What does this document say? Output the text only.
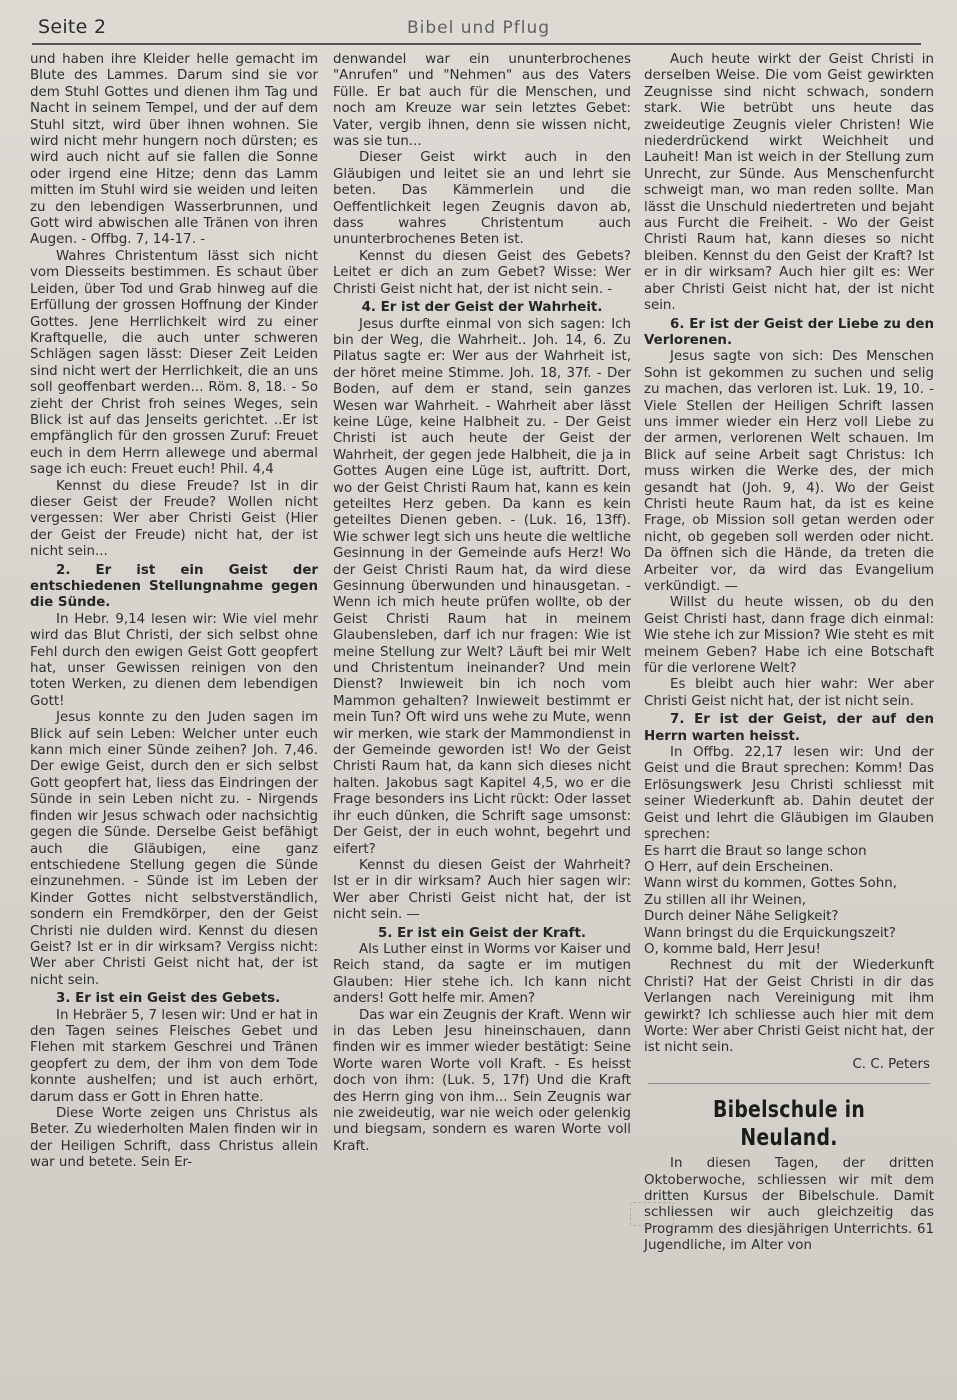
Seite 2	Bibel und Pflug

und haben ihre Kleider helle gemacht im Blute des Lammes. Darum sind sie vor dem Stuhl Gottes und dienen ihm Tag und Nacht in seinem Tempel, und der auf dem Stuhl sitzt, wird über ihnen wohnen. Sie wird nicht mehr hungern noch dürsten; es wird auch nicht auf sie fallen die Sonne oder irgend eine Hitze; denn das Lamm mitten im Stuhl wird sie weiden und leiten zu den lebendigen Wasserbrunnen, und Gott wird abwischen alle Tränen von ihren Augen. - Offbg. 7, 14-17. -

Wahres Christentum lässt sich nicht vom Diesseits bestimmen. Es schaut über Leiden, über Tod und Grab hinweg auf die Erfüllung der grossen Hoffnung der Kinder Gottes. Jene Herrlichkeit wird zu einer Kraftquelle, die auch unter schweren Schlägen sagen lässt: Dieser Zeit Leiden sind nicht wert der Herrlichkeit, die an uns soll geoffenbart werden... Röm. 8, 18. - So zieht der Christ froh seines Weges, sein Blick ist auf das Jenseits gerichtet. ..Er ist empfänglich für den grossen Zuruf: Freuet euch in dem Herrn allewege und abermal sage ich euch: Freuet euch! Phil. 4,4

Kennst du diese Freude? Ist in dir dieser Geist der Freude? Wollen nicht vergessen: Wer aber Christi Geist (Hier der Geist der Freude) nicht hat, der ist nicht sein...

2. Er ist ein Geist der entschiedenen Stellungnahme gegen die Sünde.

In Hebr. 9,14 lesen wir: Wie viel mehr wird das Blut Christi, der sich selbst ohne Fehl durch den ewigen Geist Gott geopfert hat, unser Gewissen reinigen von den toten Werken, zu dienen dem lebendigen Gott!

Jesus konnte zu den Juden sagen im Blick auf sein Leben: Welcher unter euch kann mich einer Sünde zeihen? Joh. 7,46. Der ewige Geist, durch den er sich selbst Gott geopfert hat, liess das Eindringen der Sünde in sein Leben nicht zu. - Nirgends finden wir Jesus schwach oder nachsichtig gegen die Sünde. Derselbe Geist befähigt auch die Gläubigen, eine ganz entschiedene Stellung gegen die Sünde einzunehmen. - Sünde ist im Leben der Kinder Gottes nicht selbstverständlich, sondern ein Fremdkörper, den der Geist Christi nie dulden wird. Kennst du diesen Geist? Ist er in dir wirksam? Vergiss nicht: Wer aber Christi Geist nicht hat, der ist nicht sein.

3. Er ist ein Geist des Gebets.

In Hebräer 5, 7 lesen wir: Und er hat in den Tagen seines Fleisches Gebet und Flehen mit starkem Geschrei und Tränen geopfert zu dem, der ihm von dem Tode konnte aushelfen; und ist auch erhört, darum dass er Gott in Ehren hatte.

Diese Worte zeigen uns Christus als Beter. Zu wiederholten Malen finden wir in der Heiligen Schrift, dass Christus allein war und betete. Sein Er-

denwandel war ein ununterbrochenes "Anrufen" und "Nehmen" aus des Vaters Fülle. Er bat auch für die Menschen, und noch am Kreuze war sein letztes Gebet: Vater, vergib ihnen, denn sie wissen nicht, was sie tun...

Dieser Geist wirkt auch in den Gläubigen und leitet sie an und lehrt sie beten. Das Kämmerlein und die Oeffentlichkeit legen Zeugnis davon ab, dass wahres Christentum auch ununterbrochenes Beten ist.

Kennst du diesen Geist des Gebets? Leitet er dich an zum Gebet? Wisse: Wer Christi Geist nicht hat, der ist nicht sein. -

4. Er ist der Geist der Wahrheit.

Jesus durfte einmal von sich sagen: Ich bin der Weg, die Wahrheit.. Joh. 14, 6. Zu Pilatus sagte er: Wer aus der Wahrheit ist, der höret meine Stimme. Joh. 18, 37f. - Der Boden, auf dem er stand, sein ganzes Wesen war Wahrheit. - Wahrheit aber lässt keine Lüge, keine Halbheit zu. - Der Geist Christi ist auch heute der Geist der Wahrheit, der gegen jede Halbheit, die ja in Gottes Augen eine Lüge ist, auftritt. Dort, wo der Geist Christi Raum hat, kann es kein geteiltes Herz geben. Da kann es kein geteiltes Dienen geben. - (Luk. 16, 13ff). Wie schwer legt sich uns heute die weltliche Gesinnung in der Gemeinde aufs Herz! Wo der Geist Christi Raum hat, da wird diese Gesinnung überwunden und hinausgetan. - Wenn ich mich heute prüfen wollte, ob der Geist Christi Raum hat in meinem Glaubensleben, darf ich nur fragen: Wie ist meine Stellung zur Welt? Läuft bei mir Welt und Christentum ineinander? Und mein Dienst? Inwieweit bin ich noch vom Mammon gehalten? Inwieweit bestimmt er mein Tun? Oft wird uns wehe zu Mute, wenn wir merken, wie stark der Mammondienst in der Gemeinde geworden ist! Wo der Geist Christi Raum hat, da kann sich dieses nicht halten. Jakobus sagt Kapitel 4,5, wo er die Frage besonders ins Licht rückt: Oder lasset ihr euch dünken, die Schrift sage umsonst: Der Geist, der in euch wohnt, begehrt und eifert?

Kennst du diesen Geist der Wahrheit? Ist er in dir wirksam? Auch hier sagen wir: Wer aber Christi Geist nicht hat, der ist nicht sein. —

5. Er ist ein Geist der Kraft.

Als Luther einst in Worms vor Kaiser und Reich stand, da sagte er im mutigen Glauben: Hier stehe ich. Ich kann nicht anders! Gott helfe mir. Amen?

Das war ein Zeugnis der Kraft. Wenn wir in das Leben Jesu hineinschauen, dann finden wir es immer wieder bestätigt: Seine Worte waren Worte voll Kraft. - Es heisst doch von ihm: (Luk. 5, 17f) Und die Kraft des Herrn ging von ihm... Sein Zeugnis war nie zweideutig, war nie weich oder gelenkig und biegsam, sondern es waren Worte voll Kraft.

Auch heute wirkt der Geist Christi in derselben Weise. Die vom Geist gewirkten Zeugnisse sind nicht schwach, sondern stark. Wie betrübt uns heute das zweideutige Zeugnis vieler Christen! Wie niederdrückend wirkt Weichheit und Lauheit! Man ist weich in der Stellung zum Unrecht, zur Sünde. Aus Menschenfurcht schweigt man, wo man reden sollte. Man lässt die Unschuld niedertreten und bejaht aus Furcht die Freiheit. - Wo der Geist Christi Raum hat, kann dieses so nicht bleiben. Kennst du den Geist der Kraft? Ist er in dir wirksam? Auch hier gilt es: Wer aber Christi Geist nicht hat, der ist nicht sein.

6. Er ist der Geist der Liebe zu den Verlorenen.

Jesus sagte von sich: Des Menschen Sohn ist gekommen zu suchen und selig zu machen, das verloren ist. Luk. 19, 10. - Viele Stellen der Heiligen Schrift lassen uns immer wieder ein Herz voll Liebe zu der armen, verlorenen Welt schauen. Im Blick auf seine Arbeit sagt Christus: Ich muss wirken die Werke des, der mich gesandt hat (Joh. 9, 4). Wo der Geist Christi heute Raum hat, da ist es keine Frage, ob Mission soll getan werden oder nicht, ob gegeben soll werden oder nicht. Da öffnen sich die Hände, da treten die Arbeiter vor, da wird das Evangelium verkündigt. —

Willst du heute wissen, ob du den Geist Christi hast, dann frage dich einmal: Wie stehe ich zur Mission? Wie steht es mit meinem Geben? Habe ich eine Botschaft für die verlorene Welt?

Es bleibt auch hier wahr: Wer aber Christi Geist nicht hat, der ist nicht sein.

7. Er ist der Geist, der auf den Herrn warten heisst.

In Offbg. 22,17 lesen wir: Und der Geist und die Braut sprechen: Komm! Das Erlösungswerk Jesu Christi schliesst mit seiner Wiederkunft ab. Dahin deutet der Geist und lehrt die Gläubigen im Glauben sprechen:

Es harrt die Braut so lange schon

O Herr, auf dein Erscheinen.

Wann wirst du kommen, Gottes Sohn,

Zu stillen all ihr Weinen,

Durch deiner Nähe Seligkeit?

Wann bringst du die Erquickungszeit?

O, komme bald, Herr Jesu!

Rechnest du mit der Wiederkunft Christi? Hat der Geist Christi in dir das Verlangen nach Vereinigung mit ihm gewirkt? Ich schliesse auch hier mit dem Worte: Wer aber Christi Geist nicht hat, der ist nicht sein.

C. C. Peters

Bibelschule in Neuland.

In diesen Tagen, der dritten Oktoberwoche, schliessen wir mit dem dritten Kursus der Bibelschule. Damit schliessen wir auch gleichzeitig das Programm des diesjährigen Unterrichts. 61 Jugendliche, im Alter von
